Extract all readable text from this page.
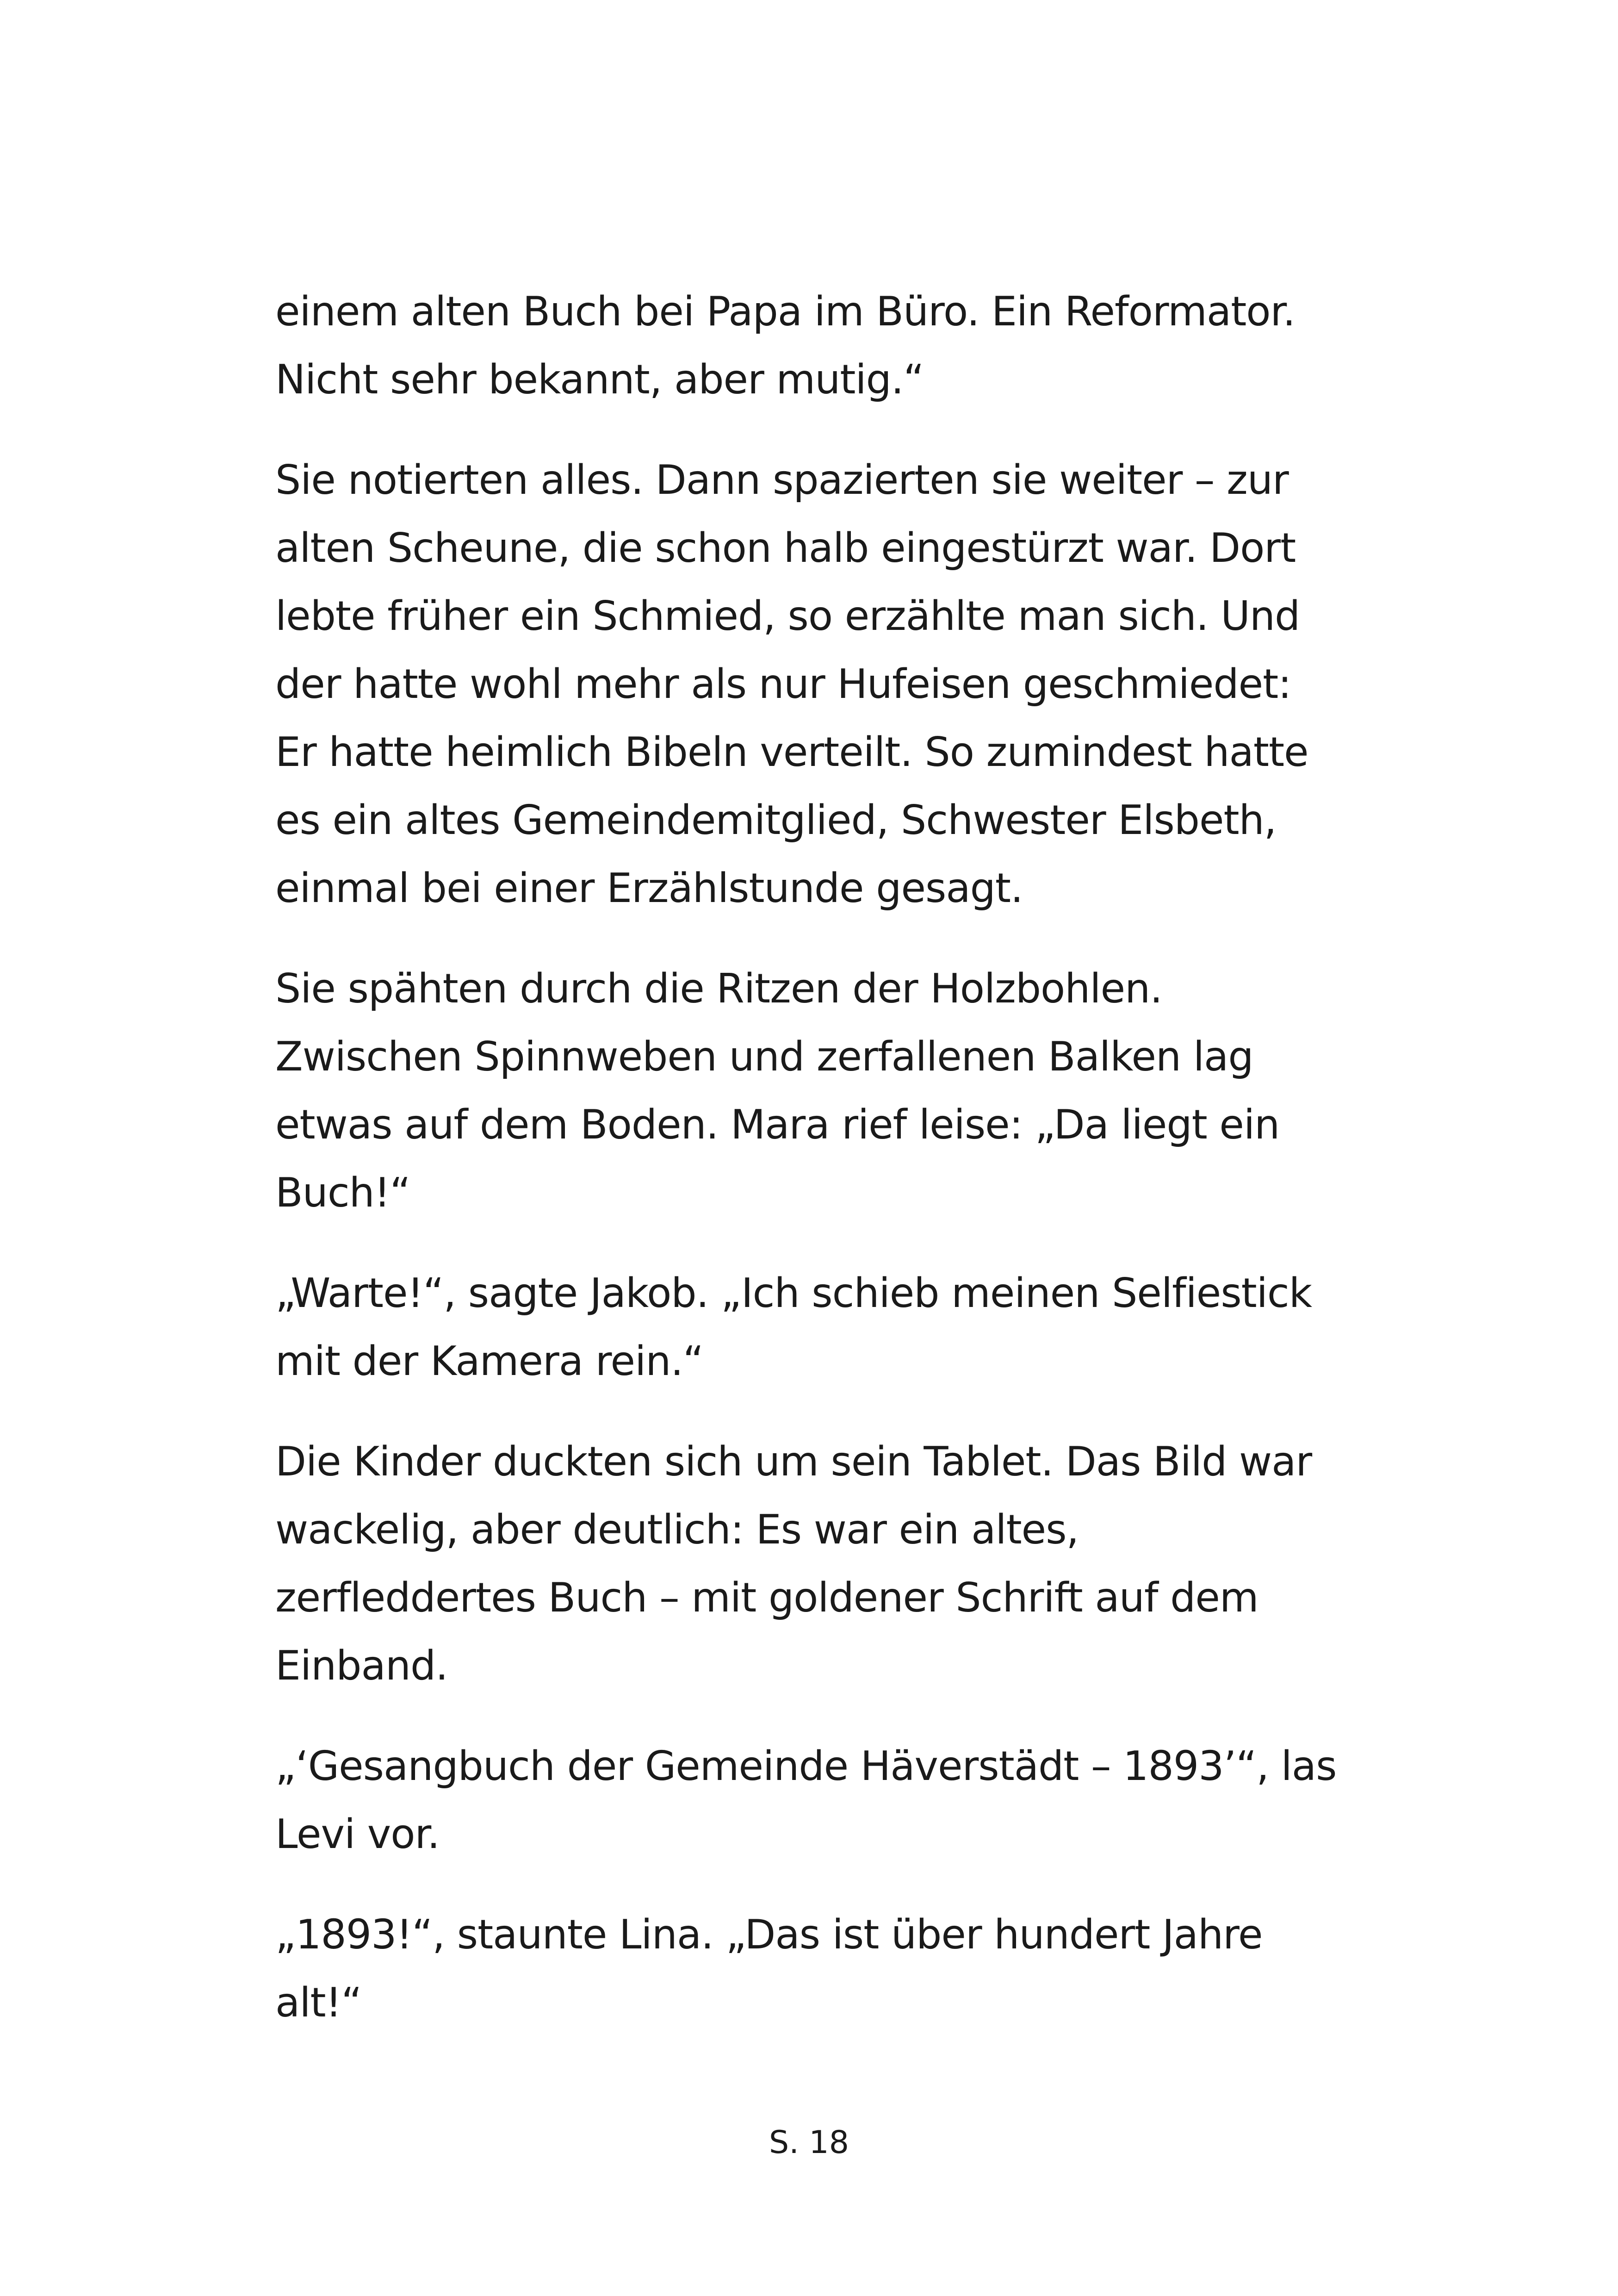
einem alten Buch bei Papa im Büro. Ein Reformator.
Nicht sehr bekannt, aber mutig.“

Sie notierten alles. Dann spazierten sie weiter – zur
alten Scheune, die schon halb eingestürzt war. Dort
lebte früher ein Schmied, so erzählte man sich. Und
der hatte wohl mehr als nur Hufeisen geschmiedet:
Er hatte heimlich Bibeln verteilt. So zumindest hatte
es ein altes Gemeindemitglied, Schwester Elsbeth,
einmal bei einer Erzählstunde gesagt.

Sie spähten durch die Ritzen der Holzbohlen.
Zwischen Spinnweben und zerfallenen Balken lag
etwas auf dem Boden. Mara rief leise: „Da liegt ein
Buch!“

„Warte!“, sagte Jakob. „Ich schieb meinen Selfiestick
mit der Kamera rein.“

Die Kinder duckten sich um sein Tablet. Das Bild war
wackelig, aber deutlich: Es war ein altes,
zerfleddertes Buch – mit goldener Schrift auf dem
Einband.

„‘Gesangbuch der Gemeinde Häverstädt – 1893’“, las
Levi vor.

„1893!“, staunte Lina. „Das ist über hundert Jahre
alt!“

S. 18
